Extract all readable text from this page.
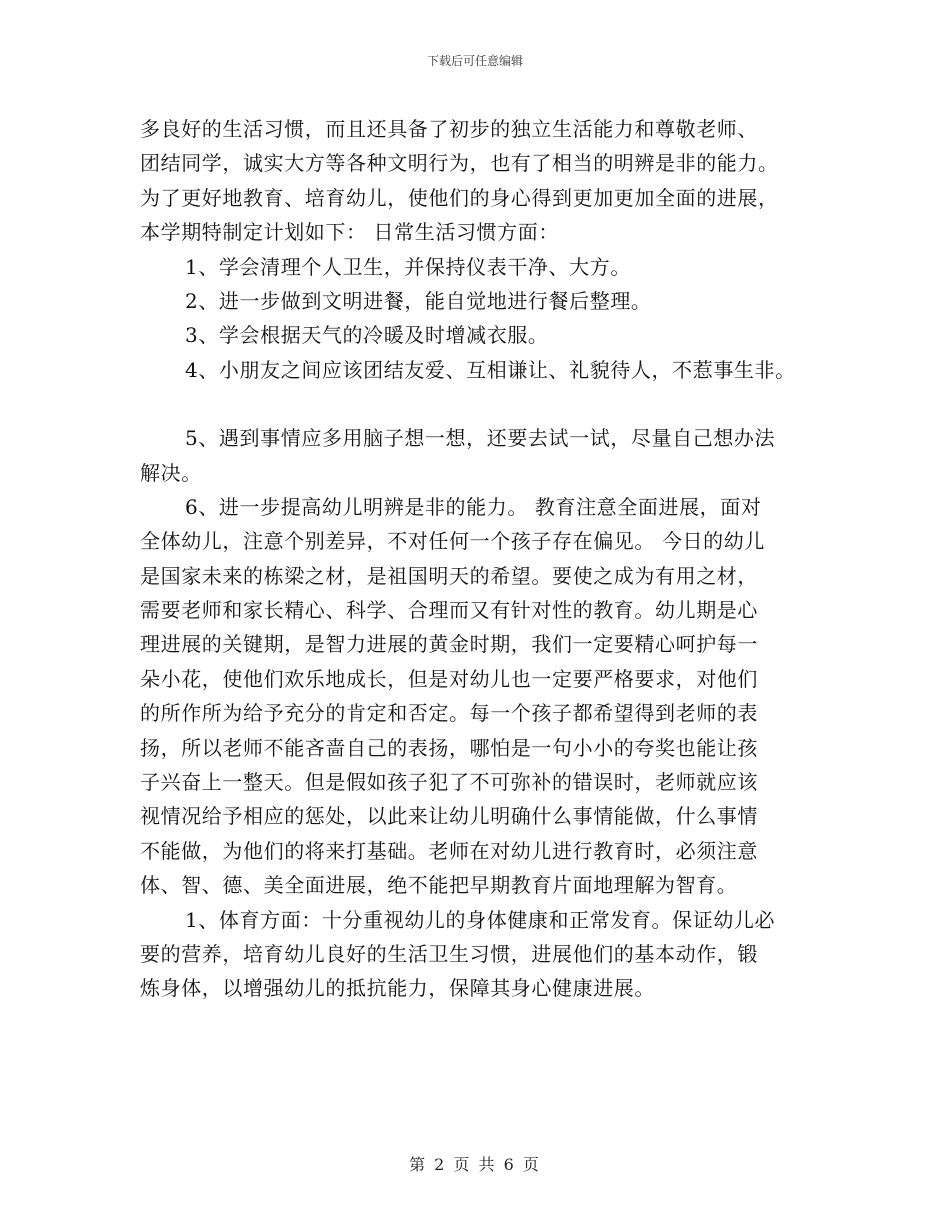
下载后可任意编辑
多良好的生活习惯，而且还具备了初步的独立生活能力和尊敬老师、
团结同学，诚实大方等各种文明行为，也有了相当的明辨是非的能力。
为了更好地教育、培育幼儿，使他们的身心得到更加更加全面的进展，
本学期特制定计划如下： 日常生活习惯方面：
1、学会清理个人卫生，并保持仪表干净、大方。
2、进一步做到文明进餐，能自觉地进行餐后整理。
3、学会根据天气的冷暖及时增减衣服。
4、小朋友之间应该团结友爱、互相谦让、礼貌待人，不惹事生非。
5、遇到事情应多用脑子想一想，还要去试一试，尽量自己想办法
解决。
6、进一步提高幼儿明辨是非的能力。 教育注意全面进展，面对
全体幼儿，注意个别差异，不对任何一个孩子存在偏见。 今日的幼儿
是国家未来的栋梁之材，是祖国明天的希望。要使之成为有用之材，
需要老师和家长精心、科学、合理而又有针对性的教育。幼儿期是心
理进展的关键期，是智力进展的黄金时期，我们一定要精心呵护每一
朵小花，使他们欢乐地成长，但是对幼儿也一定要严格要求，对他们
的所作所为给予充分的肯定和否定。每一个孩子都希望得到老师的表
扬，所以老师不能吝啬自己的表扬，哪怕是一句小小的夸奖也能让孩
子兴奋上一整天。但是假如孩子犯了不可弥补的错误时，老师就应该
视情况给予相应的惩处，以此来让幼儿明确什么事情能做，什么事情
不能做，为他们的将来打基础。老师在对幼儿进行教育时，必须注意
体、智、德、美全面进展，绝不能把早期教育片面地理解为智育。
1、体育方面：十分重视幼儿的身体健康和正常发育。保证幼儿必
要的营养，培育幼儿良好的生活卫生习惯，进展他们的基本动作，锻
炼身体，以增强幼儿的抵抗能力，保障其身心健康进展。
第 2 页 共 6 页
